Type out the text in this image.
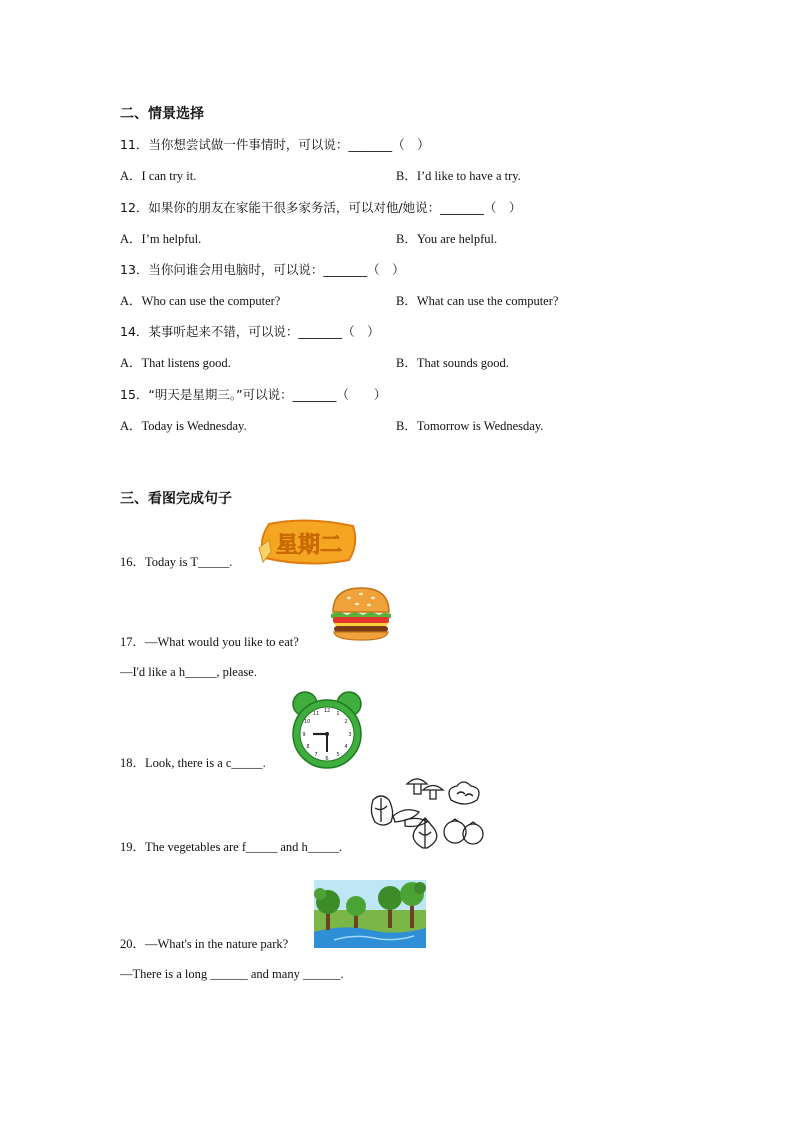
二、情景选择
11．当你想尝试做一件事情时，可以说：_______（　）
A．I can try it.	B．I’d like to have a try.
12．如果你的朋友在家能干很多家务活，可以对他/她说：_______（　）
A．I’m helpful.	B．You are helpful.
13．当你问谁会用电脑时，可以说：_______（　）
A．Who can use the computer?	B．What can use the computer?
14．某事听起来不错，可以说：_______（　）
A．That listens good.	B．That sounds good.
15．“明天是星期三。”可以说：_______（　　）
A．Today is Wednesday.	B．Tomorrow is Wednesday.
三、看图完成句子
16．Today is T_____.
星期二
17．—What would you like to eat?
—I'd like a h_____, please.
18．Look, there is a c_____.
12 1
2
3
4
5
6
7
8
9
10
11
19．The vegetables are f_____ and h_____.
20．—What's in the nature park?
—There is a long ______ and many ______.
